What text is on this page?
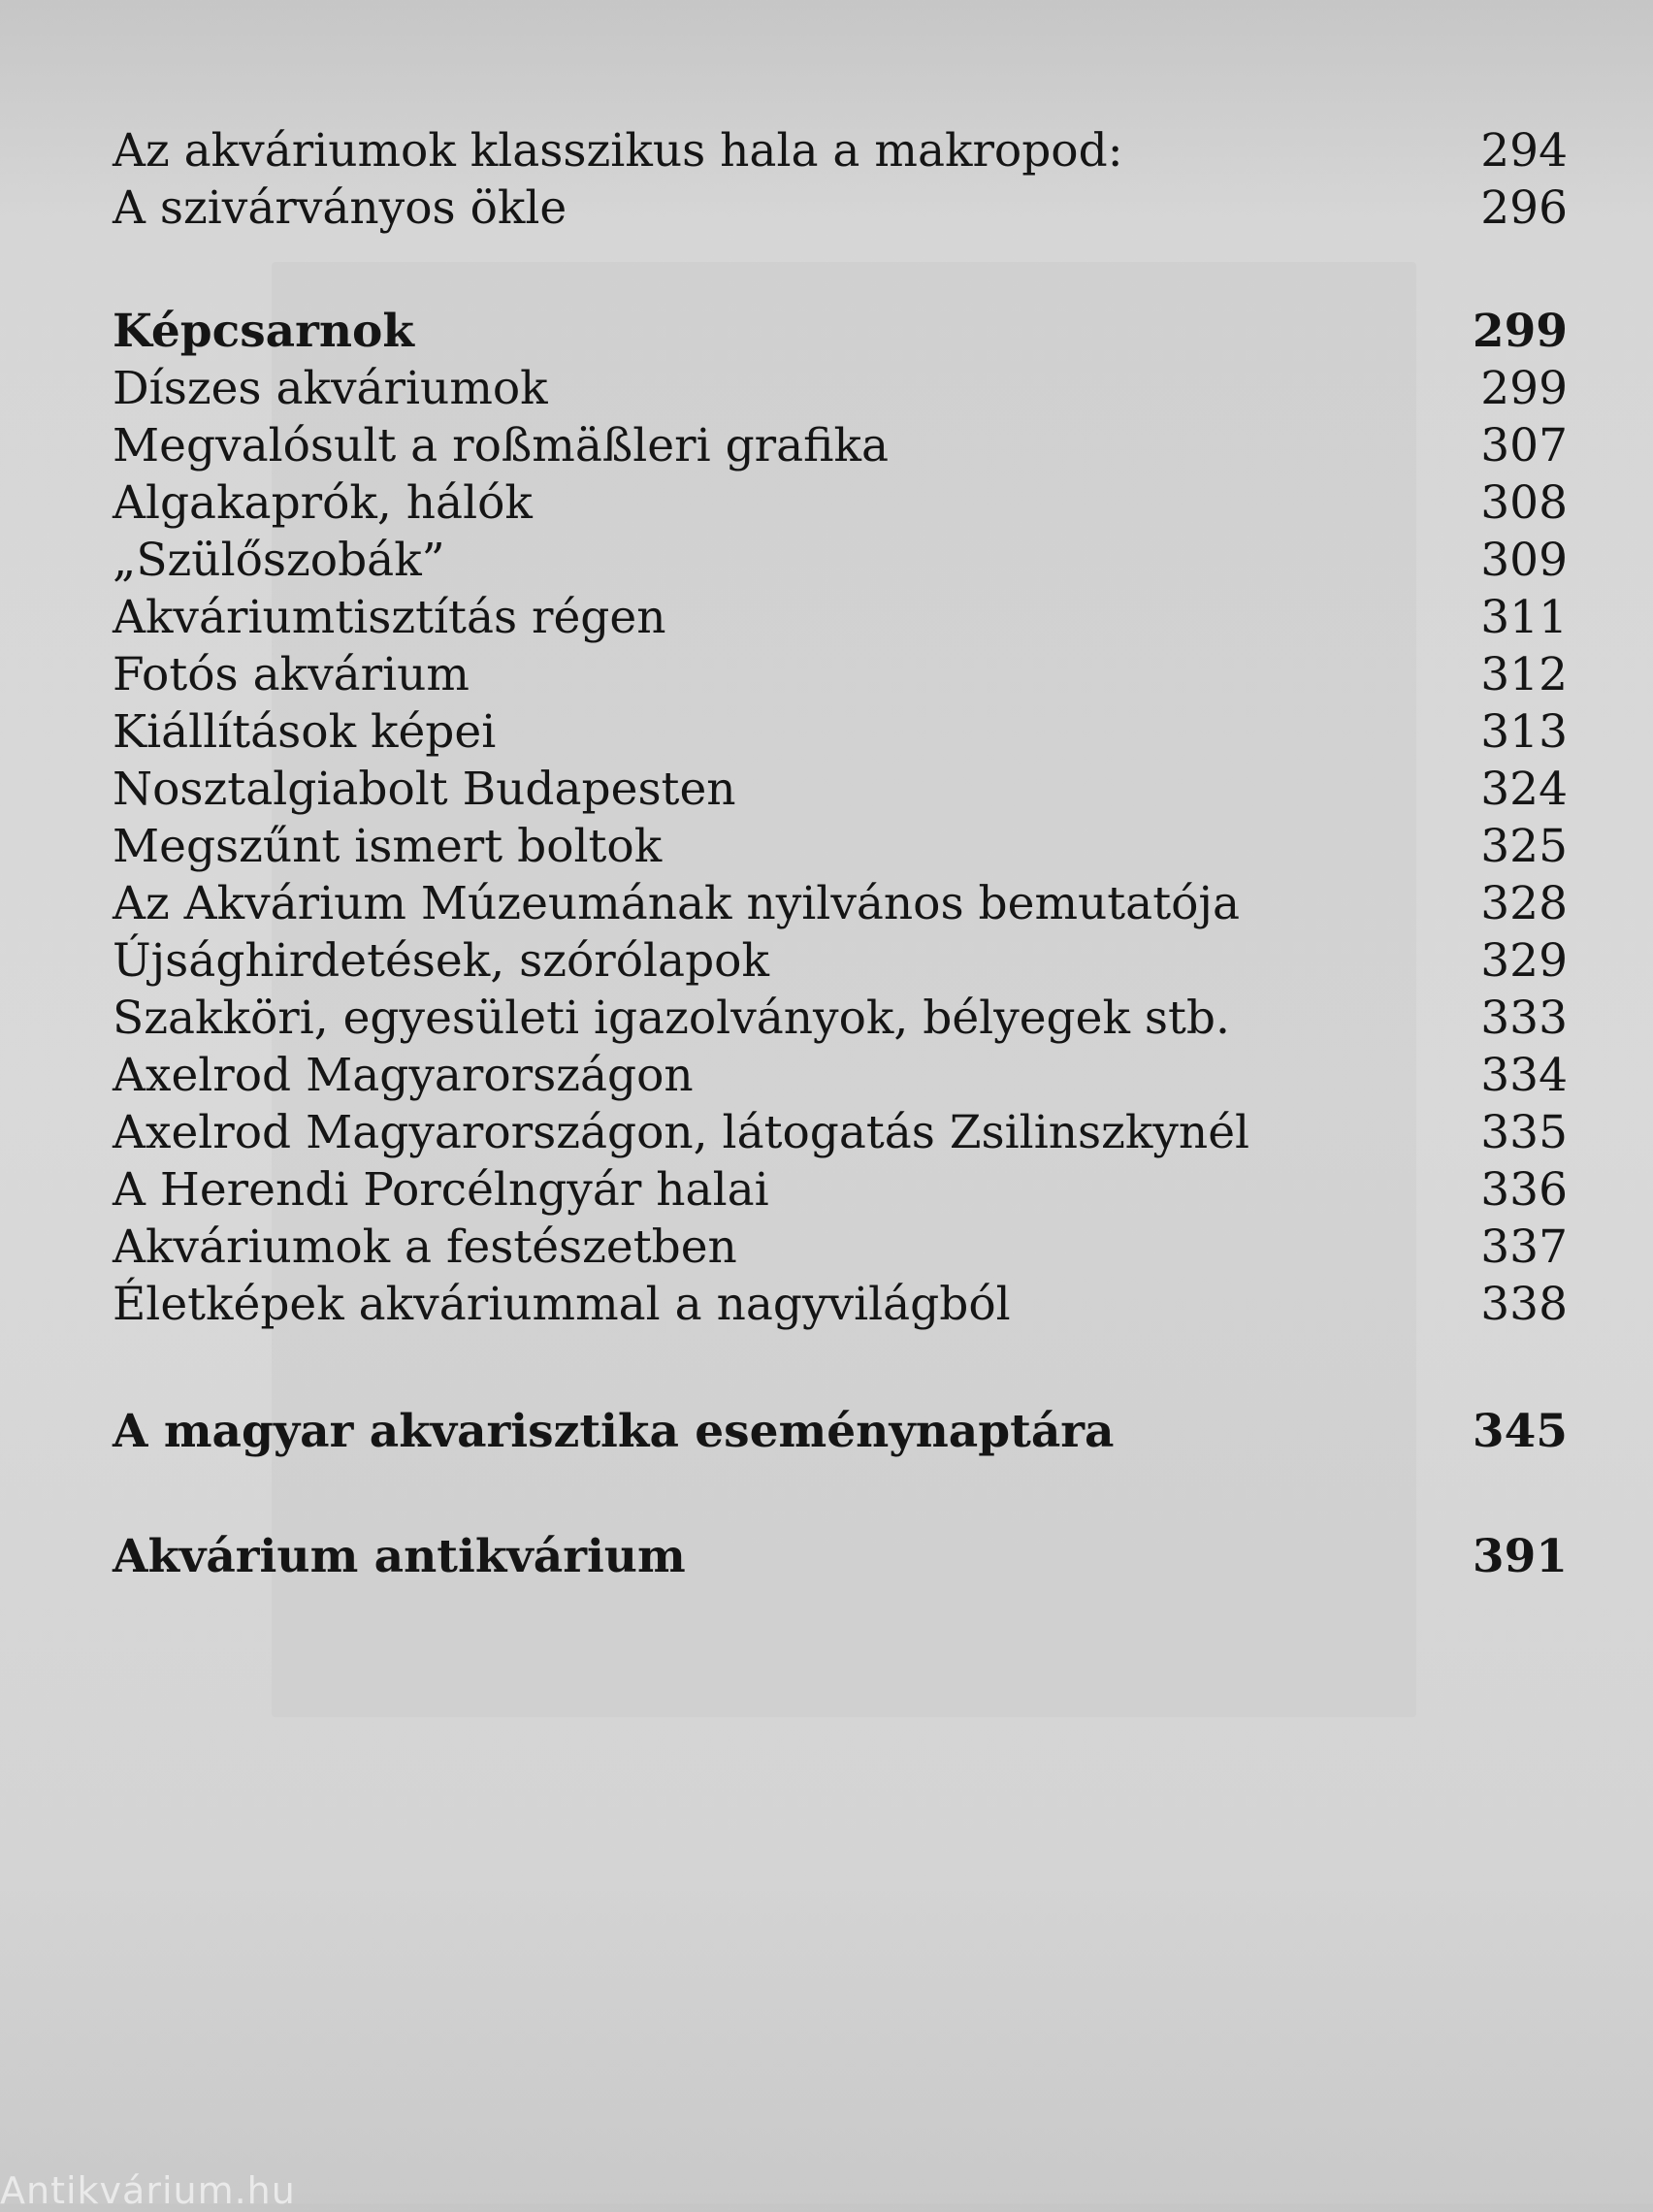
Az akváriumok klasszikus hala a makropod:	294
A szivárványos ökle	296
Képcsarnok	299
Díszes akváriumok	299
Megvalósult a roßmäßleri grafika	307
Algakaprók, hálók	308
„Szülőszobák”	309
Akváriumtisztítás régen	311
Fotós akvárium	312
Kiállítások képei	313
Nosztalgiabolt Budapesten	324
Megszűnt ismert boltok	325
Az Akvárium Múzeumának nyilvános bemutatója	328
Újsághirdetések, szórólapok	329
Szakköri, egyesületi igazolványok, bélyegek stb.	333
Axelrod Magyarországon	334
Axelrod Magyarországon, látogatás Zsilinszkynél	335
A Herendi Porcélngyár halai	336
Akváriumok a festészetben	337
Életképek akváriummal a nagyvilágból	338
A magyar akvarisztika eseménynaptára	345
Akvárium antikvárium	391
Antikvárium.hu
